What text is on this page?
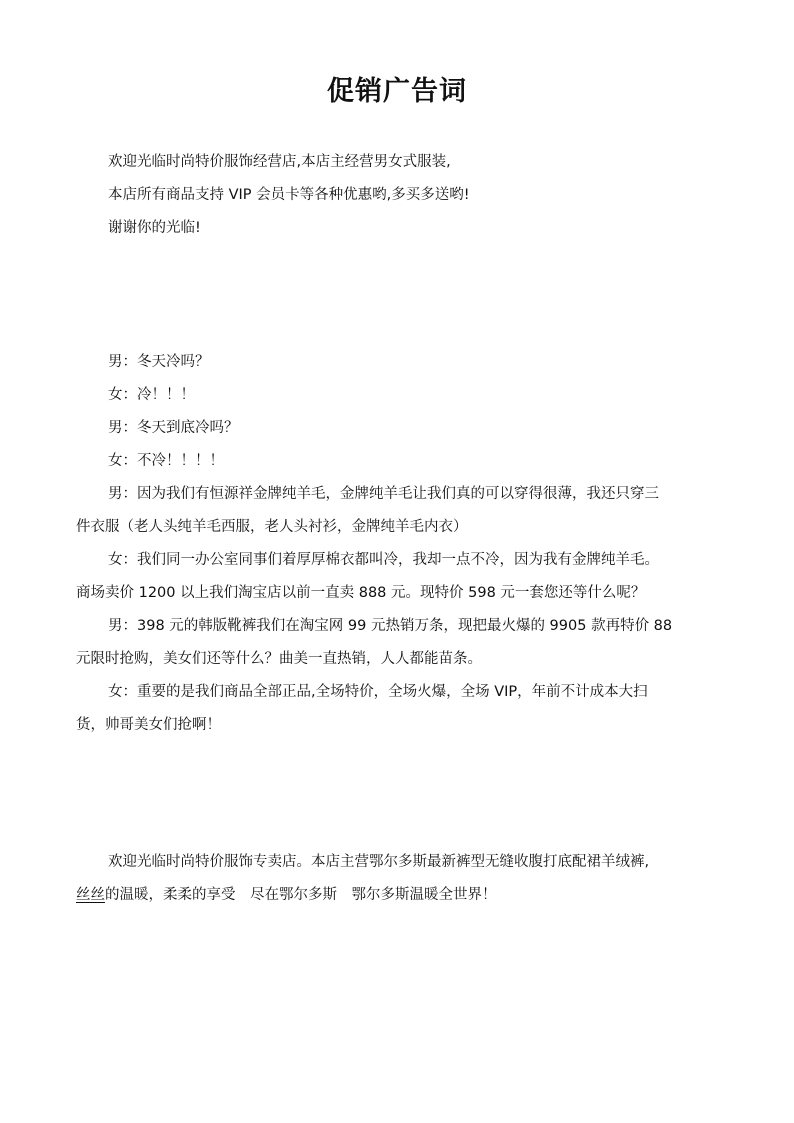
促销广告词

欢迎光临时尚特价服饰经营店,本店主经营男女式服装,

本店所有商品支持 VIP 会员卡等各种优惠哟,多买多送哟!

谢谢你的光临!

男：冬天冷吗？

女：冷！！！

男：冬天到底冷吗？

女：不冷！！！！

男：因为我们有恒源祥金牌纯羊毛，金牌纯羊毛让我们真的可以穿得很薄，我还只穿三

件衣服（老人头纯羊毛西服，老人头衬衫，金牌纯羊毛内衣）

女：我们同一办公室同事们着厚厚棉衣都叫冷，我却一点不冷，因为我有金牌纯羊毛。

商场卖价 1200 以上我们淘宝店以前一直卖 888 元。现特价 598 元一套您还等什么呢？

男：398 元的韩版靴裤我们在淘宝网 99 元热销万条，现把最火爆的 9905 款再特价 88

元限时抢购，美女们还等什么？曲美一直热销，人人都能苗条。

女：重要的是我们商品全部正品,全场特价，全场火爆，全场 VIP，年前不计成本大扫

货，帅哥美女们抢啊！

欢迎光临时尚特价服饰专卖店。本店主营鄂尔多斯最新裤型无缝收腹打底配裙羊绒裤,

丝丝的温暖，柔柔的享受　尽在鄂尔多斯　鄂尔多斯温暖全世界！
